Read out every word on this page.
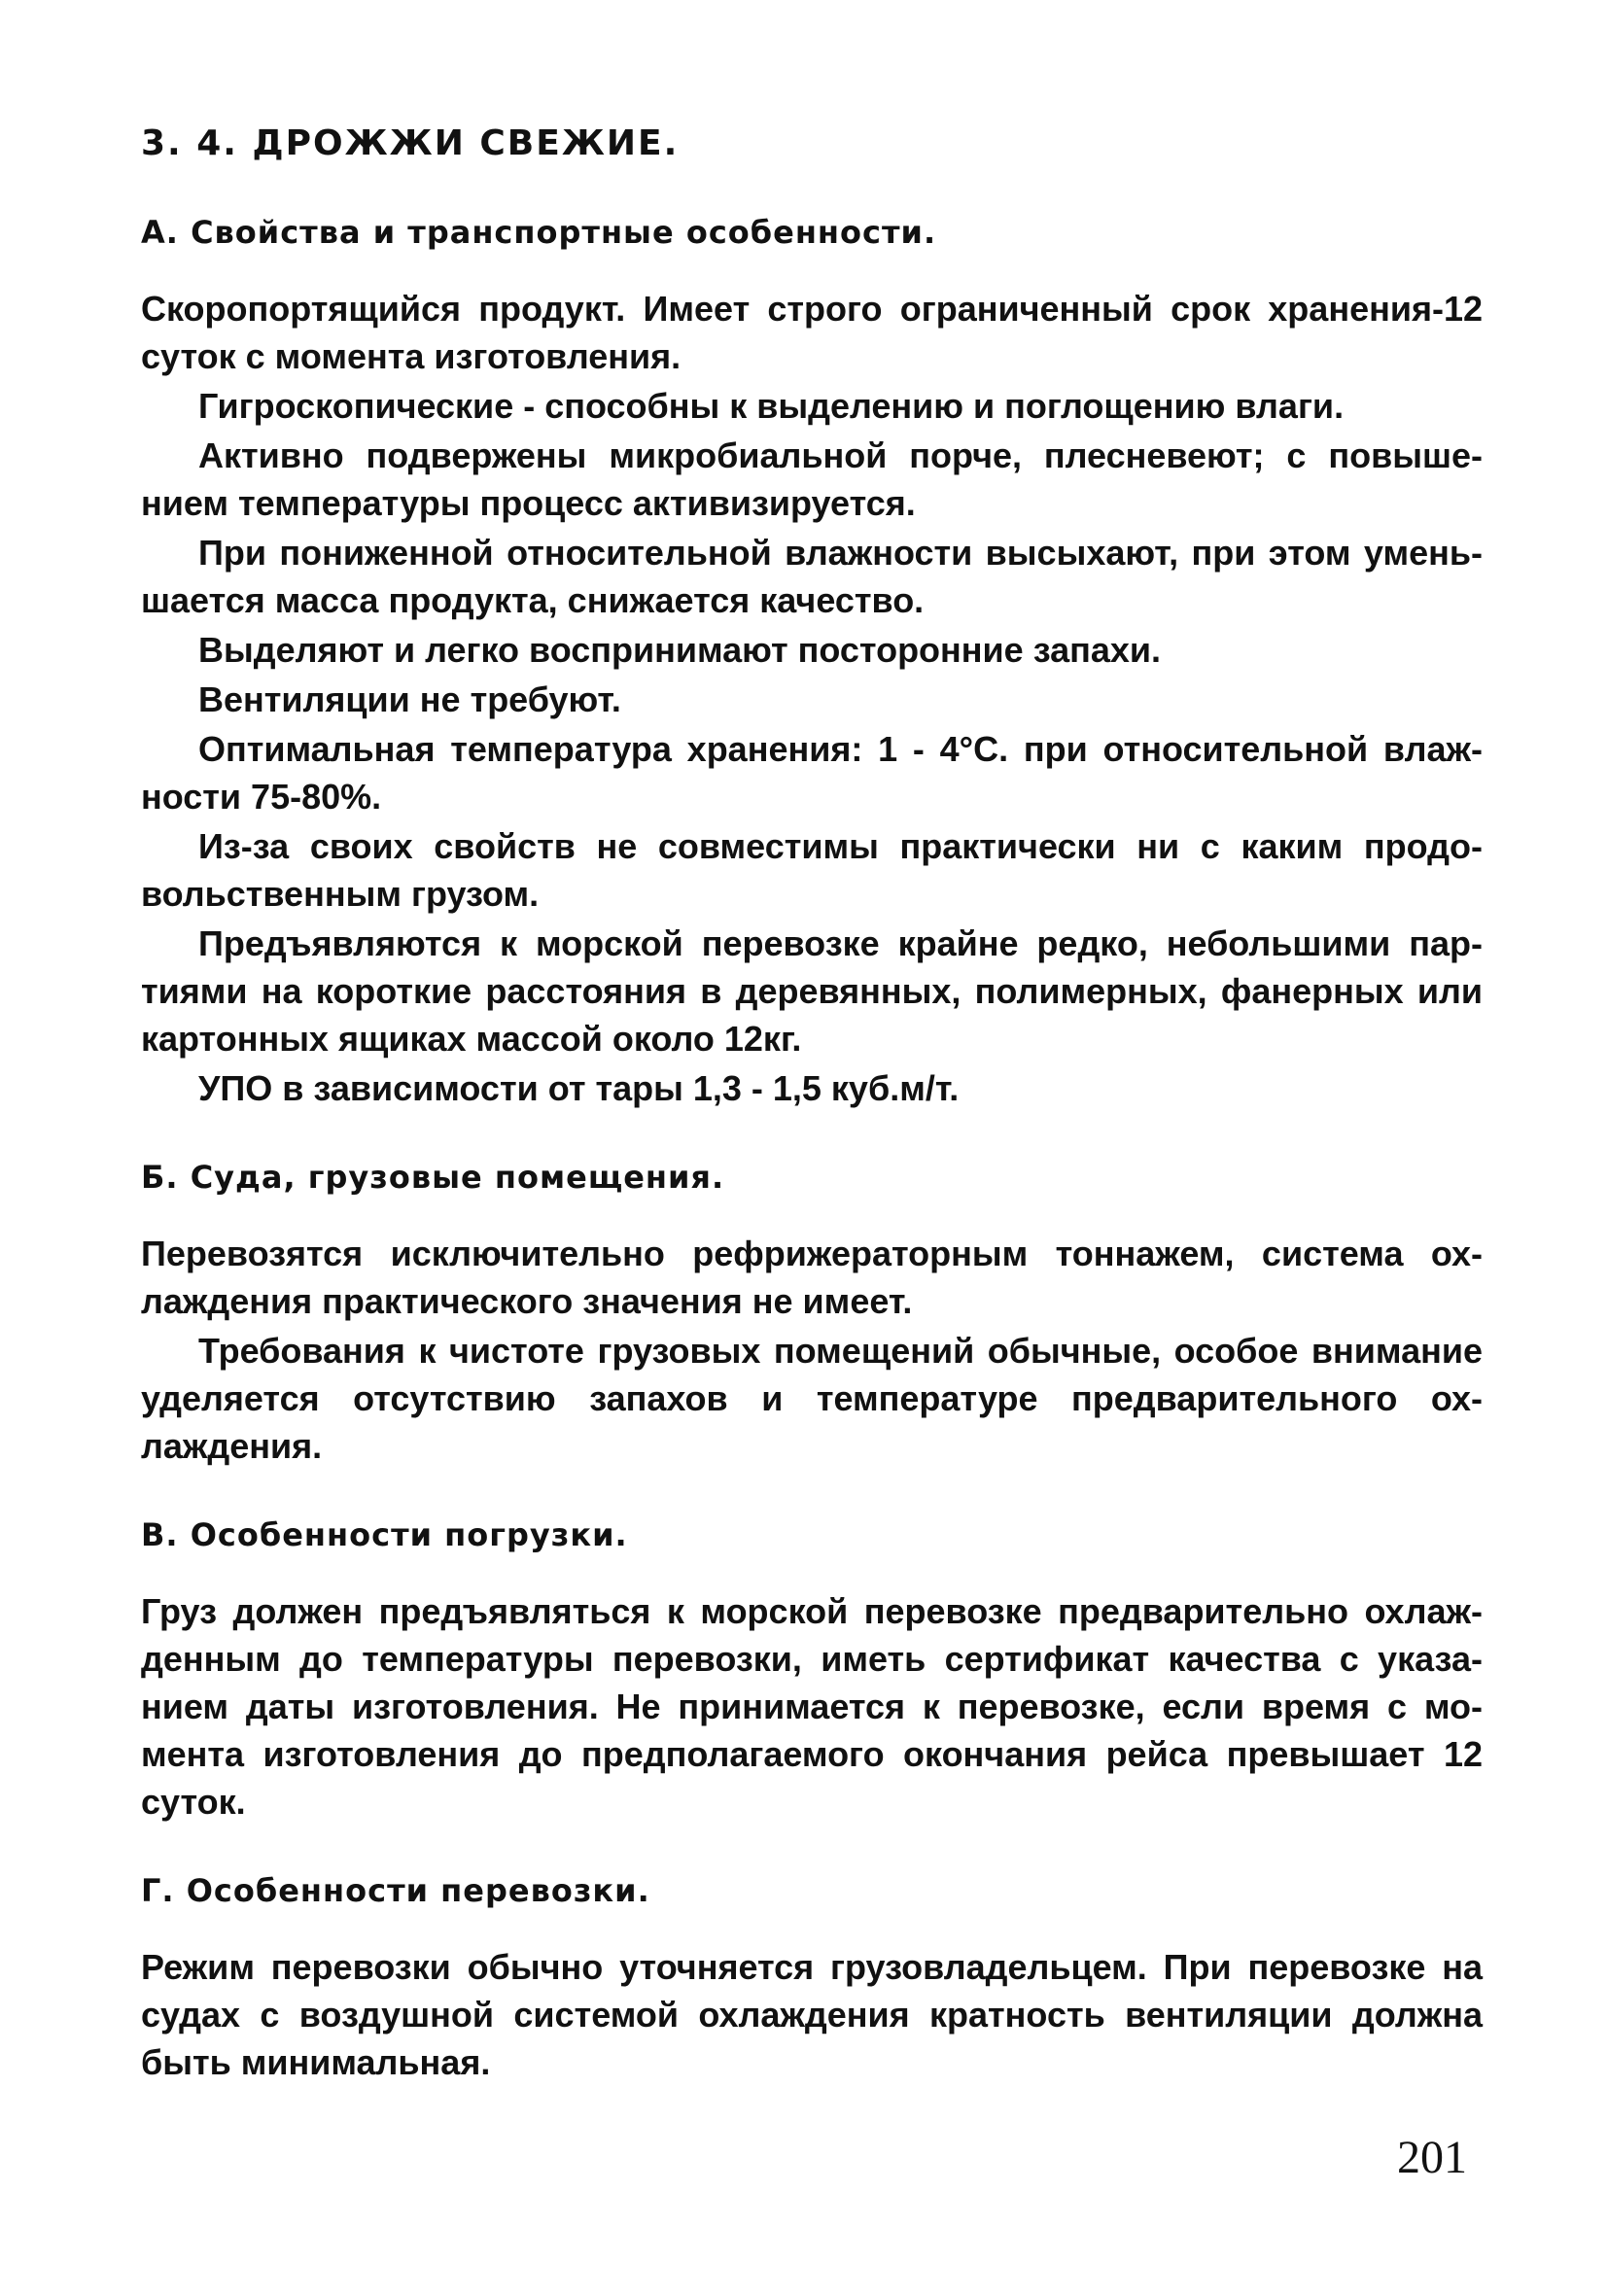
3. 4. ДРОЖЖИ СВЕЖИЕ.
А. Свойства и транспортные особенности.
Скоропортящийся продукт. Имеет строго ограниченный срок хранения-12 суток с момента изготовления.
Гигроскопические - способны к выделению и поглощению влаги.
Активно подвержены микробиальной порче, плесневеют; с повышением температуры процесс активизируется.
При пониженной относительной влажности высыхают, при этом уменьшается масса продукта, снижается качество.
Выделяют и легко воспринимают посторонние запахи.
Вентиляции не требуют.
Оптимальная температура хранения: 1 - 4°С. при относительной влажности 75-80%.
Из-за своих свойств не совместимы практически ни с каким продовольственным грузом.
Предъявляются к морской перевозке крайне редко, небольшими партиями на короткие расстояния в деревянных, полимерных, фанерных или картонных ящиках массой около 12кг.
УПО в зависимости от тары 1,3 - 1,5 куб.м/т.
Б. Суда, грузовые помещения.
Перевозятся исключительно рефрижераторным тоннажем, система охлаждения практического значения не имеет.
Требования к чистоте грузовых помещений обычные, особое внимание уделяется отсутствию запахов и температуре предварительного охлаждения.
В. Особенности погрузки.
Груз должен предъявляться к морской перевозке предварительно охлажденным до температуры перевозки, иметь сертификат качества с указанием даты изготовления. Не принимается к перевозке, если время с момента изготовления до предполагаемого окончания рейса превышает 12 суток.
Г. Особенности перевозки.
Режим перевозки обычно уточняется грузовладельцем. При перевозке на судах с воздушной системой охлаждения кратность вентиляции должна быть минимальная.
201
